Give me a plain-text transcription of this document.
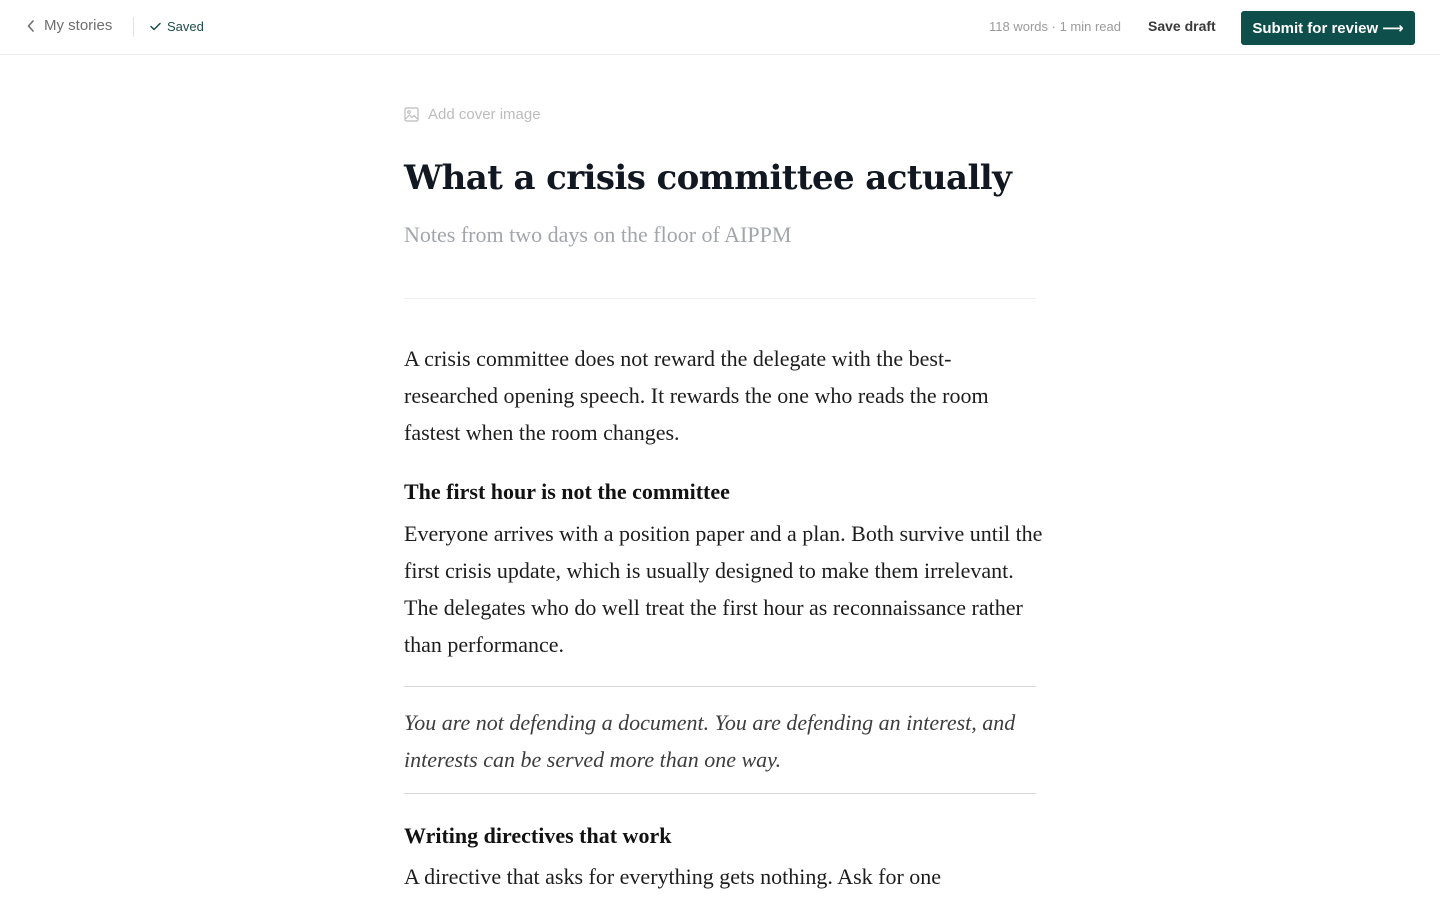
My stories	Saved	118 words · 1 min read Save draft Submit for review ⟶
Add cover image
What a crisis committee actually
Notes from two days on the floor of AIPPM

A crisis committee does not reward the delegate with the best-researched opening speech. It rewards the one who reads the room fastest when the room changes.

The first hour is not the committee

Everyone arrives with a position paper and a plan. Both survive until the first crisis update, which is usually designed to make them irrelevant. The delegates who do well treat the first hour as reconnaissance rather than performance.

You are not defending a document. You are defending an interest, and interests can be served more than one way.

Writing directives that work

A directive that asks for everything gets nothing. Ask for one
